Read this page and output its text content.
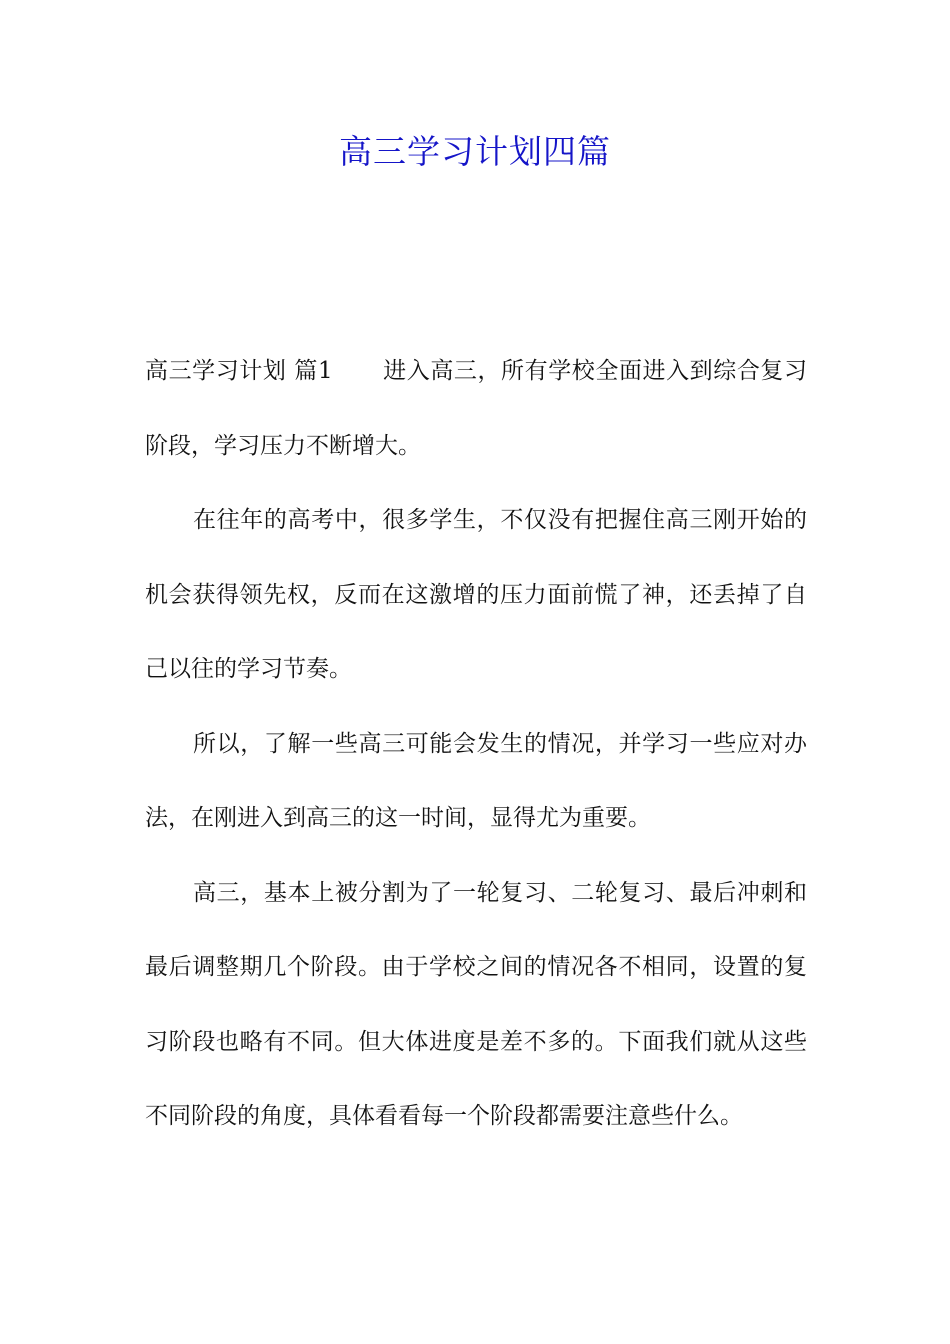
高三学习计划四篇

高三学习计划 篇1 进入高三，所有学校全面进入到综合复习阶段，学习压力不断增大。

在往年的高考中，很多学生，不仅没有把握住高三刚开始的机会获得领先权，反而在这激增的压力面前慌了神，还丢掉了自己以往的学习节奏。

所以，了解一些高三可能会发生的情况，并学习一些应对办法，在刚进入到高三的这一时间，显得尤为重要。

高三，基本上被分割为了一轮复习、二轮复习、最后冲刺和最后调整期几个阶段。由于学校之间的情况各不相同，设置的复习阶段也略有不同。但大体进度是差不多的。下面我们就从这些不同阶段的角度，具体看看每一个阶段都需要注意些什么。
